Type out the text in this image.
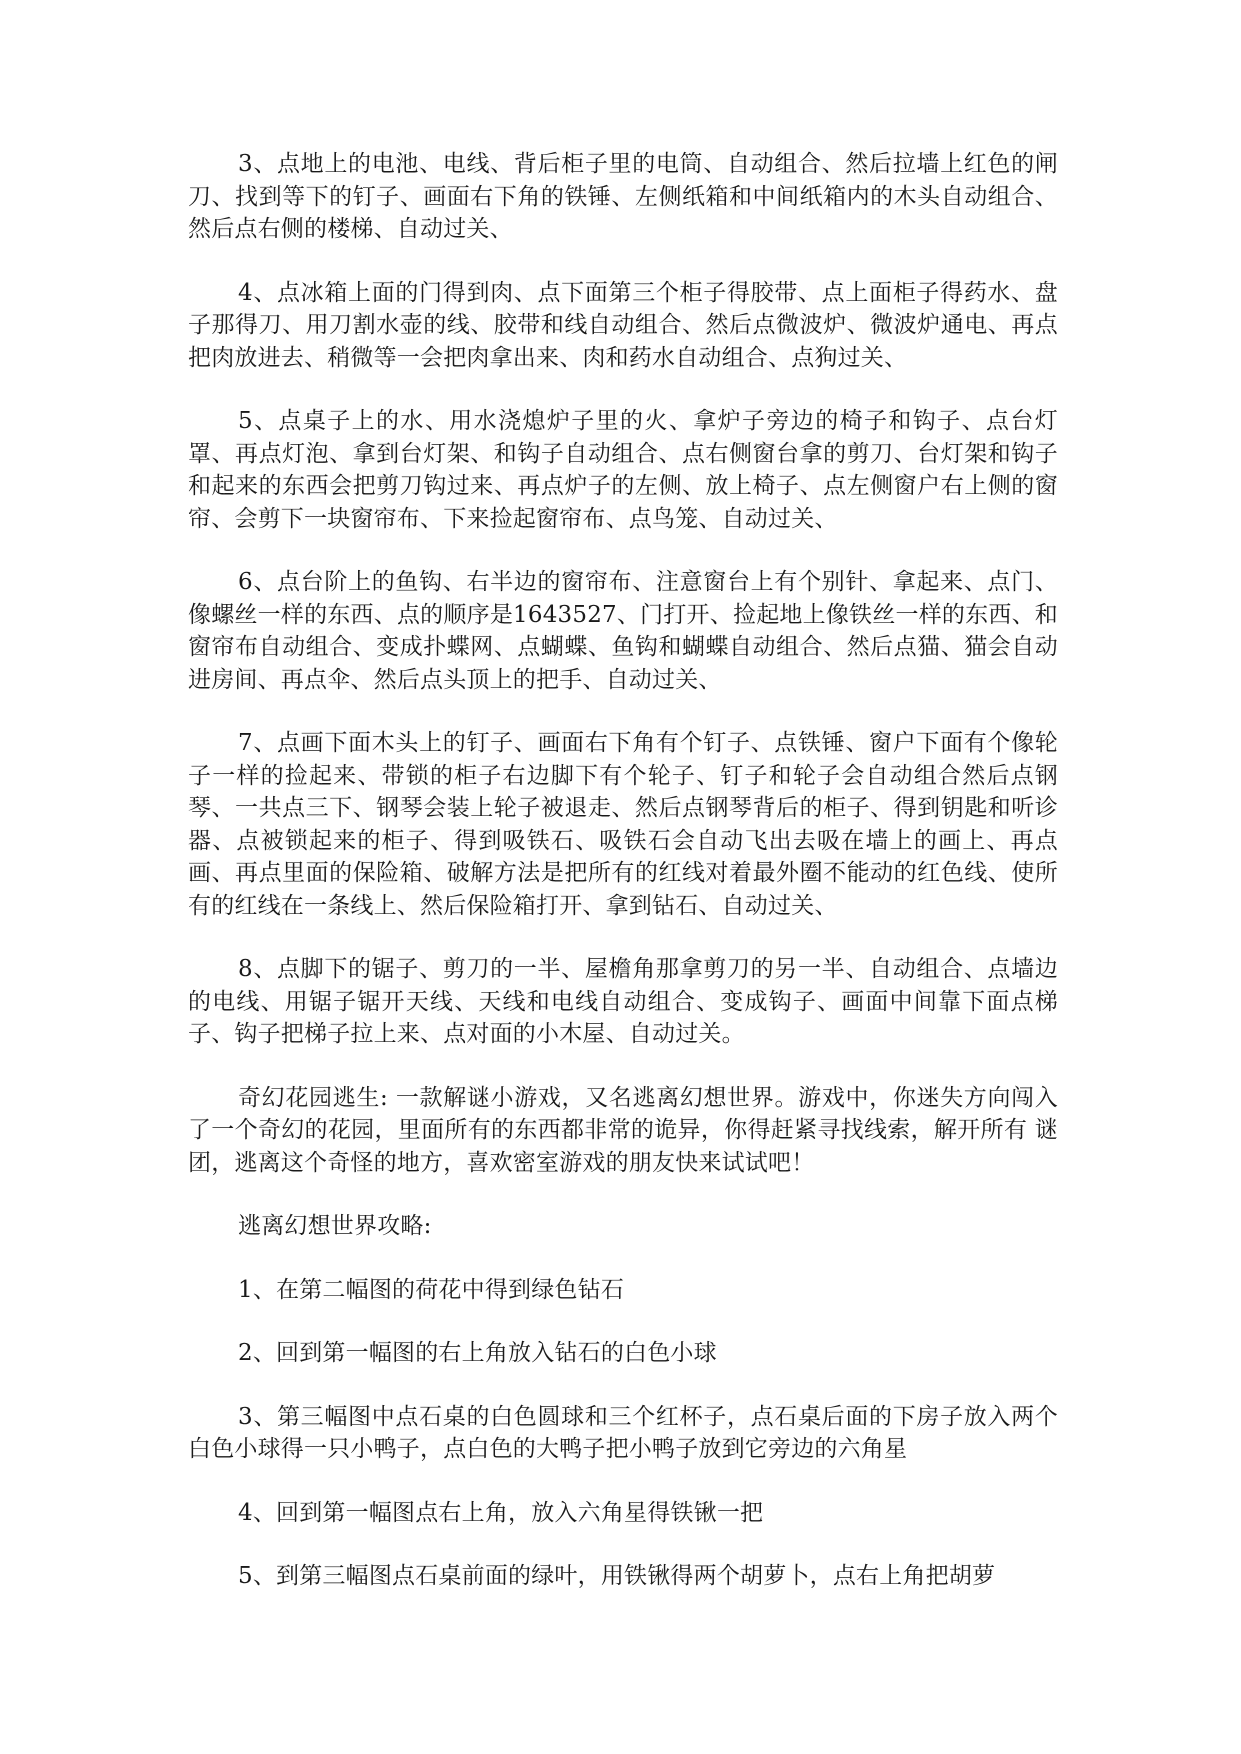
3、点地上的电池、电线、背后柜子里的电筒、自动组合、然后拉墙上红色的闸刀、找到等下的钉子、画面右下角的铁锤、左侧纸箱和中间纸箱内的木头自动组合、然后点右侧的楼梯、自动过关、

4、点冰箱上面的门得到肉、点下面第三个柜子得胶带、点上面柜子得药水、盘子那得刀、用刀割水壶的线、胶带和线自动组合、然后点微波炉、微波炉通电、再点把肉放进去、稍微等一会把肉拿出来、肉和药水自动组合、点狗过关、

5、点桌子上的水、用水浇熄炉子里的火、拿炉子旁边的椅子和钩子、点台灯罩、再点灯泡、拿到台灯架、和钩子自动组合、点右侧窗台拿的剪刀、台灯架和钩子和起来的东西会把剪刀钩过来、再点炉子的左侧、放上椅子、点左侧窗户右上侧的窗帘、会剪下一块窗帘布、下来捡起窗帘布、点鸟笼、自动过关、

6、点台阶上的鱼钩、右半边的窗帘布、注意窗台上有个别针、拿起来、点门、像螺丝一样的东西、点的顺序是1643527、门打开、捡起地上像铁丝一样的东西、和窗帘布自动组合、变成扑蝶网、点蝴蝶、鱼钩和蝴蝶自动组合、然后点猫、猫会自动进房间、再点伞、然后点头顶上的把手、自动过关、

7、点画下面木头上的钉子、画面右下角有个钉子、点铁锤、窗户下面有个像轮子一样的捡起来、带锁的柜子右边脚下有个轮子、钉子和轮子会自动组合然后点钢琴、一共点三下、钢琴会装上轮子被退走、然后点钢琴背后的柜子、得到钥匙和听诊器、点被锁起来的柜子、得到吸铁石、吸铁石会自动飞出去吸在墙上的画上、再点画、再点里面的保险箱、破解方法是把所有的红线对着最外圈不能动的红色线、使所有的红线在一条线上、然后保险箱打开、拿到钻石、自动过关、

8、点脚下的锯子、剪刀的一半、屋檐角那拿剪刀的另一半、自动组合、点墙边的电线、用锯子锯开天线、天线和电线自动组合、变成钩子、画面中间靠下面点梯子、钩子把梯子拉上来、点对面的小木屋、自动过关。

奇幻花园逃生: 一款解谜小游戏，又名逃离幻想世界。游戏中，你迷失方向闯入了一个奇幻的花园，里面所有的东西都非常的诡异，你得赶紧寻找线索，解开所有 谜团，逃离这个奇怪的地方，喜欢密室游戏的朋友快来试试吧！

逃离幻想世界攻略:

1、在第二幅图的荷花中得到绿色钻石

2、回到第一幅图的右上角放入钻石的白色小球

3、第三幅图中点石桌的白色圆球和三个红杯子，点石桌后面的下房子放入两个白色小球得一只小鸭子，点白色的大鸭子把小鸭子放到它旁边的六角星

4、回到第一幅图点右上角，放入六角星得铁锹一把

5、到第三幅图点石桌前面的绿叶，用铁锹得两个胡萝卜，点右上角把胡萝
